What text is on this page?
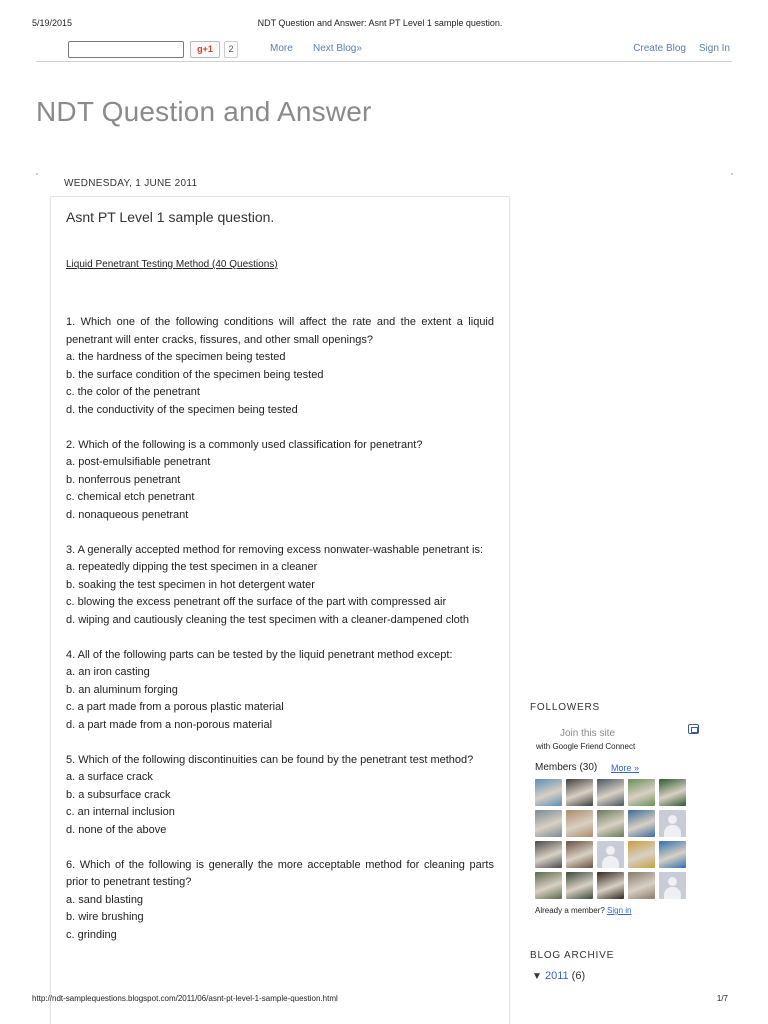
5/19/2015	NDT Question and Answer: Asnt PT Level 1 sample question.
g+1	2	More Next Blog»	Create Blog Sign In
NDT Question and Answer
WEDNESDAY, 1 JUNE 2011
Asnt PT Level 1 sample question.
Liquid Penetrant Testing Method (40 Questions)
1. Which one of the following conditions will affect the rate and the extent a liquid penetrant will enter cracks, fissures, and other small openings?
a. the hardness of the specimen being tested
b. the surface condition of the specimen being tested
c. the color of the penetrant
d. the conductivity of the specimen being tested
2. Which of the following is a commonly used classification for penetrant?
a. post-emulsifiable penetrant
b. nonferrous penetrant
c. chemical etch penetrant
d. nonaqueous penetrant
3. A generally accepted method for removing excess nonwater-washable penetrant is:
a. repeatedly dipping the test specimen in a cleaner
b. soaking the test specimen in hot detergent water
c. blowing the excess penetrant off the surface of the part with compressed air
d. wiping and cautiously cleaning the test specimen with a cleaner-dampened cloth
4. All of the following parts can be tested by the liquid penetrant method except:
a. an iron casting
b. an aluminum forging
c. a part made from a porous plastic material
d. a part made from a non-porous material
5. Which of the following discontinuities can be found by the penetrant test method?
a. a surface crack
b. a subsurface crack
c. an internal inclusion
d. none of the above
6. Which of the following is generally the more acceptable method for cleaning parts prior to penetrant testing?
a. sand blasting
b. wire brushing
c. grinding
FOLLOWERS
Join this site
with Google Friend Connect
Members (30)	More »
Already a member? Sign in
BLOG ARCHIVE
▼ 2011 (6)
http://ndt-samplequestions.blogspot.com/2011/06/asnt-pt-level-1-sample-question.html	1/7
